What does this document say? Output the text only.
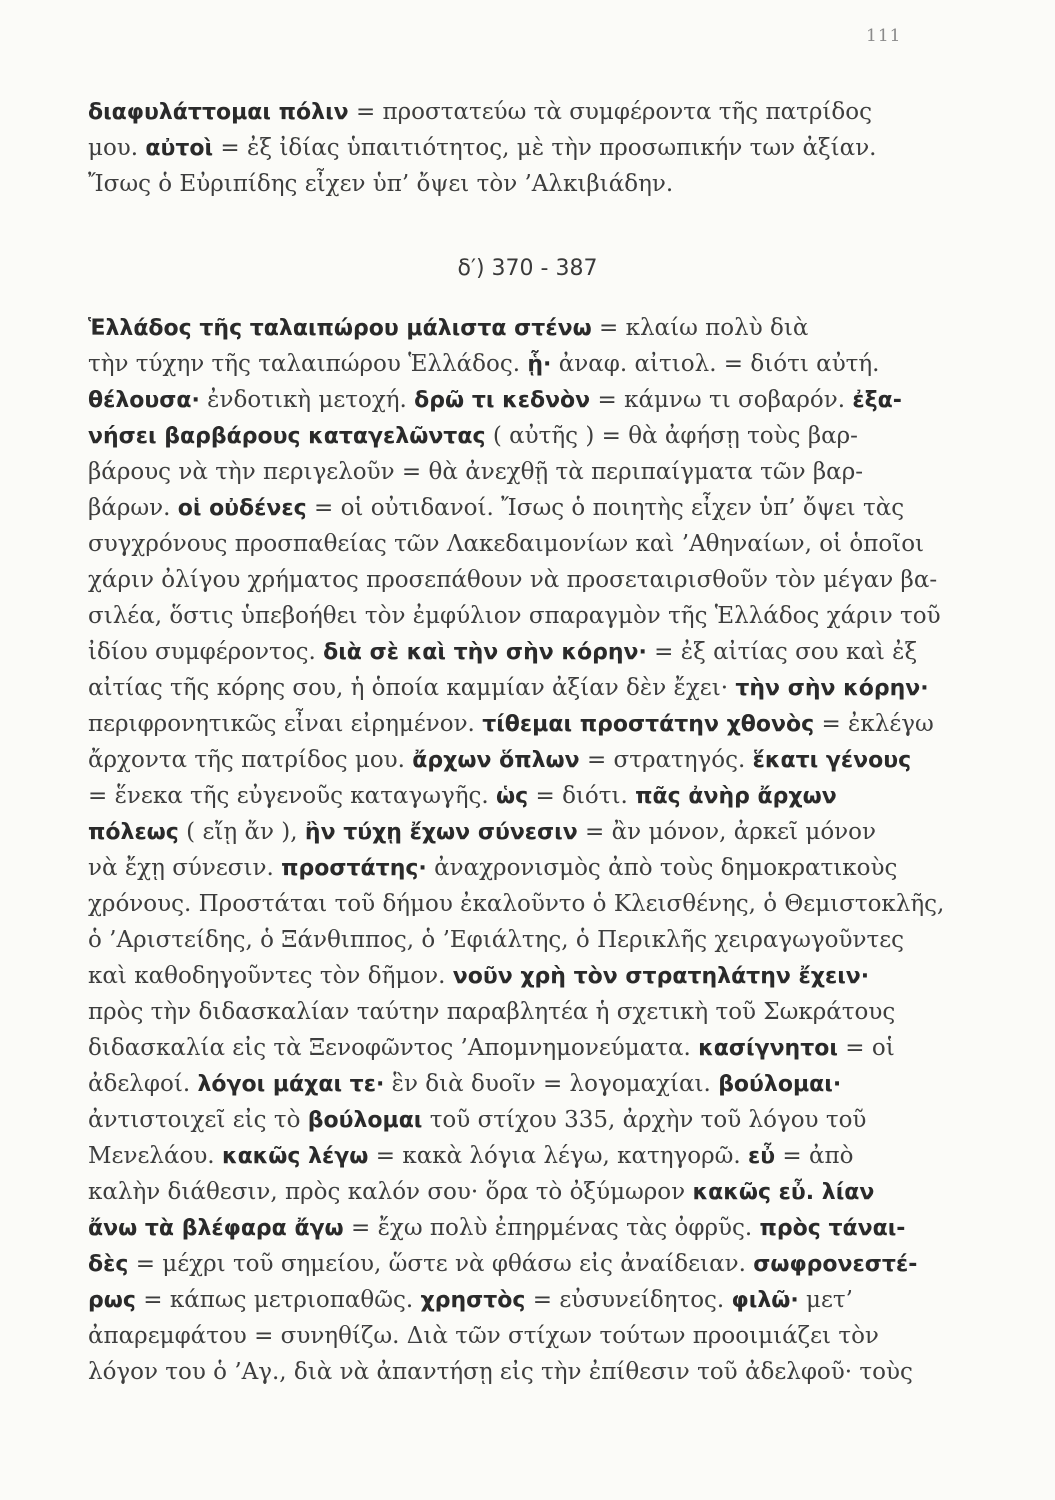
111
διαφυλάττομαι πόλιν = προστατεύω τὰ συμφέροντα τῆς πατρίδος
μου. αὐτοὶ = ἐξ ἰδίας ὑπαιτιότητος, μὲ τὴν προσωπικήν των ἀξίαν.
Ἴσως ὁ Εὐριπίδης εἶχεν ὑπ’ ὄψει τὸν ’Αλκιβιάδην.
δ′) 370 - 387
Ἑλλάδος τῆς ταλαιπώρου μάλιστα στένω = κλαίω πολὺ διὰ
τὴν τύχην τῆς ταλαιπώρου Ἑλλάδος. ᾗ· ἀναφ. αἰτιολ. = διότι αὐτή.
θέλουσα· ἐνδοτικὴ μετοχή. δρῶ τι κεδνὸν = κάμνω τι σοβαρόν. ἐξα-
νήσει βαρβάρους καταγελῶντας ( αὐτῆς ) = θὰ ἀφήσῃ τοὺς βαρ-
βάρους νὰ τὴν περιγελοῦν = θὰ ἀνεχθῇ τὰ περιπαίγματα τῶν βαρ-
βάρων. οἱ οὐδένες = οἱ οὐτιδανοί. Ἴσως ὁ ποιητὴς εἶχεν ὑπ’ ὄψει τὰς
συγχρόνους προσπαθείας τῶν Λακεδαιμονίων καὶ ’Αθηναίων, οἱ ὁποῖοι
χάριν ὀλίγου χρήματος προσεπάθουν νὰ προσεταιρισθοῦν τὸν μέγαν βα-
σιλέα, ὅστις ὑπεβοήθει τὸν ἐμφύλιον σπαραγμὸν τῆς Ἑλλάδος χάριν τοῦ
ἰδίου συμφέροντος. διὰ σὲ καὶ τὴν σὴν κόρην· = ἐξ αἰτίας σου καὶ ἐξ
αἰτίας τῆς κόρης σου, ἡ ὁποία καμμίαν ἀξίαν δὲν ἔχει· τὴν σὴν κόρην·
περιφρονητικῶς εἶναι εἰρημένον. τίθεμαι προστάτην χθονὸς = ἐκλέγω
ἄρχοντα τῆς πατρίδος μου. ἄρχων ὅπλων = στρατηγός. ἕκατι γένους
= ἕνεκα τῆς εὐγενοῦς καταγωγῆς. ὡς = διότι. πᾶς ἀνὴρ ἄρχων
πόλεως ( εἴῃ ἄν ), ἢν τύχῃ ἔχων σύνεσιν = ἂν μόνον, ἀρκεῖ μόνον
νὰ ἔχῃ σύνεσιν. προστάτης· ἀναχρονισμὸς ἀπὸ τοὺς δημοκρατικοὺς
χρόνους. Προστάται τοῦ δήμου ἐκαλοῦντο ὁ Κλεισθένης, ὁ Θεμιστοκλῆς,
ὁ ’Αριστείδης, ὁ Ξάνθιππος, ὁ ’Εφιάλτης, ὁ Περικλῆς χειραγωγοῦντες
καὶ καθοδηγοῦντες τὸν δῆμον. νοῦν χρὴ τὸν στρατηλάτην ἔχειν·
πρὸς τὴν διδασκαλίαν ταύτην παραβλητέα ἡ σχετικὴ τοῦ Σωκράτους
διδασκαλία εἰς τὰ Ξενοφῶντος ’Απομνημονεύματα. κασίγνητοι = οἱ
ἀδελφοί. λόγοι μάχαι τε· ἓν διὰ δυοῖν = λογομαχίαι. βούλομαι·
ἀντιστοιχεῖ εἰς τὸ βούλομαι τοῦ στίχου 335, ἀρχὴν τοῦ λόγου τοῦ
Μενελάου. κακῶς λέγω = κακὰ λόγια λέγω, κατηγορῶ. εὖ = ἀπὸ
καλὴν διάθεσιν, πρὸς καλόν σου· ὅρα τὸ ὀξύμωρον κακῶς εὖ. λίαν
ἄνω τὰ βλέφαρα ἄγω = ἔχω πολὺ ἐπηρμένας τὰς ὀφρῦς. πρὸς τάναι-
δὲς = μέχρι τοῦ σημείου, ὥστε νὰ φθάσω εἰς ἀναίδειαν. σωφρονεστέ-
ρως = κάπως μετριοπαθῶς. χρηστὸς = εὐσυνείδητος. φιλῶ· μετ’
ἀπαρεμφάτου = συνηθίζω. Διὰ τῶν στίχων τούτων προοιμιάζει τὸν
λόγον του ὁ ’Αγ., διὰ νὰ ἀπαντήσῃ εἰς τὴν ἐπίθεσιν τοῦ ἀδελφοῦ· τοὺς
